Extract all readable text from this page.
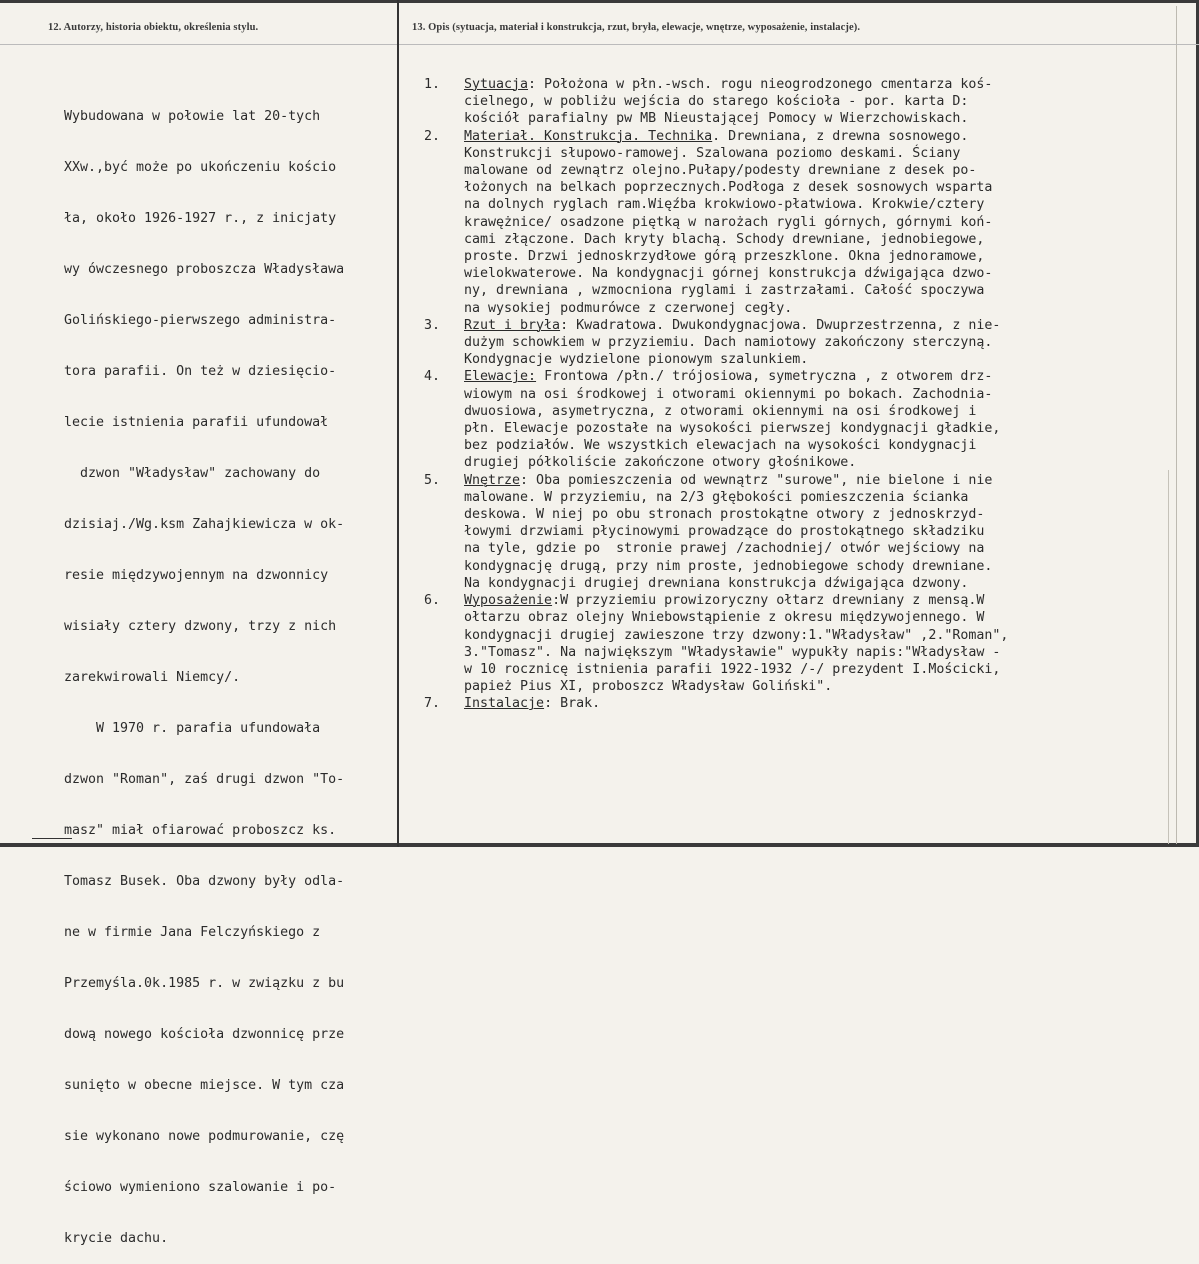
12. Autorzy, historia obiektu, określenia stylu.	13. Opis (sytuacja, materiał i konstrukcja, rzut, bryła, elewacje, wnętrze, wyposażenie, instalacje).

Wybudowana w połowie lat 20-tych

XXw.,być może po ukończeniu kościo

ła, około 1926-1927 r., z inicjaty

wy ówczesnego proboszcza Władysława

Golińskiego-pierwszego administra-

tora parafii. On też w dziesięcio-

lecie istnienia parafii ufundował

dzwon "Władysław" zachowany do

dzisiaj./Wg.ksm Zahajkiewicza w ok-

resie międzywojennym na dzwonnicy

wisiały cztery dzwony, trzy z nich

zarekwirowali Niemcy/.

W 1970 r. parafia ufundowała

dzwon "Roman", zaś drugi dzwon "To-

masz" miał ofiarować proboszcz ks.

Tomasz Busek. Oba dzwony były odla-

ne w firmie Jana Felczyńskiego z

Przemyśla.0k.1985 r. w związku z bu

dową nowego kościoła dzwonnicę prze

sunięto w obecne miejsce. W tym cza

sie wykonano nowe podmurowanie, czę

ściowo wymieniono szalowanie i po-

krycie dachu.

1.	Sytuacja: Położona w płn.-wsch. rogu nieogrodzonego cmentarza koś-
cielnego, w pobliżu wejścia do starego kościoła - por. karta D:
kościół parafialny pw MB Nieustającej Pomocy w Wierzchowiskach.
2.	Materiał. Konstrukcja. Technika. Drewniana, z drewna sosnowego.
Konstrukcji słupowo-ramowej. Szalowana poziomo deskami. Ściany
malowane od zewnątrz olejno.Pułapy/podesty drewniane z desek po-
łożonych na belkach poprzecznych.Podłoga z desek sosnowych wsparta
na dolnych ryglach ram.Więźba krokwiowo-płatwiowa. Krokwie/cztery
krawężnice/ osadzone piętką w narożach rygli górnych, górnymi koń-
cami złączone. Dach kryty blachą. Schody drewniane, jednobiegowe,
proste. Drzwi jednoskrzydłowe górą przeszklone. Okna jednoramowe,
wielokwaterowe. Na kondygnacji górnej konstrukcja dźwigająca dzwo-
ny, drewniana , wzmocniona ryglami i zastrzałami. Całość spoczywa
na wysokiej podmurówce z czerwonej cegły.
3.	Rzut i bryła: Kwadratowa. Dwukondygnacjowa. Dwuprzestrzenna, z nie-
dużym schowkiem w przyziemiu. Dach namiotowy zakończony sterczyną.
Kondygnacje wydzielone pionowym szalunkiem.
4.	Elewacje: Frontowa /płn./ trójosiowa, symetryczna , z otworem drz-
wiowym na osi środkowej i otworami okiennymi po bokach. Zachodnia-
dwuosiowa, asymetryczna, z otworami okiennymi na osi środkowej i
płn. Elewacje pozostałe na wysokości pierwszej kondygnacji gładkie,
bez podziałów. We wszystkich elewacjach na wysokości kondygnacji
drugiej półkoliście zakończone otwory głośnikowe.
5.	Wnętrze: Oba pomieszczenia od wewnątrz "surowe", nie bielone i nie
malowane. W przyziemiu, na 2/3 głębokości pomieszczenia ścianka
deskowa. W niej po obu stronach prostokątne otwory z jednoskrzyd-
łowymi drzwiami płycinowymi prowadzące do prostokątnego składziku
na tyle, gdzie po  stronie prawej /zachodniej/ otwór wejściowy na
kondygnację drugą, przy nim proste, jednobiegowe schody drewniane.
Na kondygnacji drugiej drewniana konstrukcja dźwigająca dzwony.
6.	Wyposażenie:W przyziemiu prowizoryczny ołtarz drewniany z mensą.W
ołtarzu obraz olejny Wniebowstąpienie z okresu międzywojennego. W
kondygnacji drugiej zawieszone trzy dzwony:1."Władysław" ,2."Roman",
3."Tomasz". Na największym "Władysławie" wypukły napis:"Władysław -
w 10 rocznicę istnienia parafii 1922-1932 /-/ prezydent I.Mościcki,
papież Pius XI, proboszcz Władysław Goliński".
7.	Instalacje: Brak.
